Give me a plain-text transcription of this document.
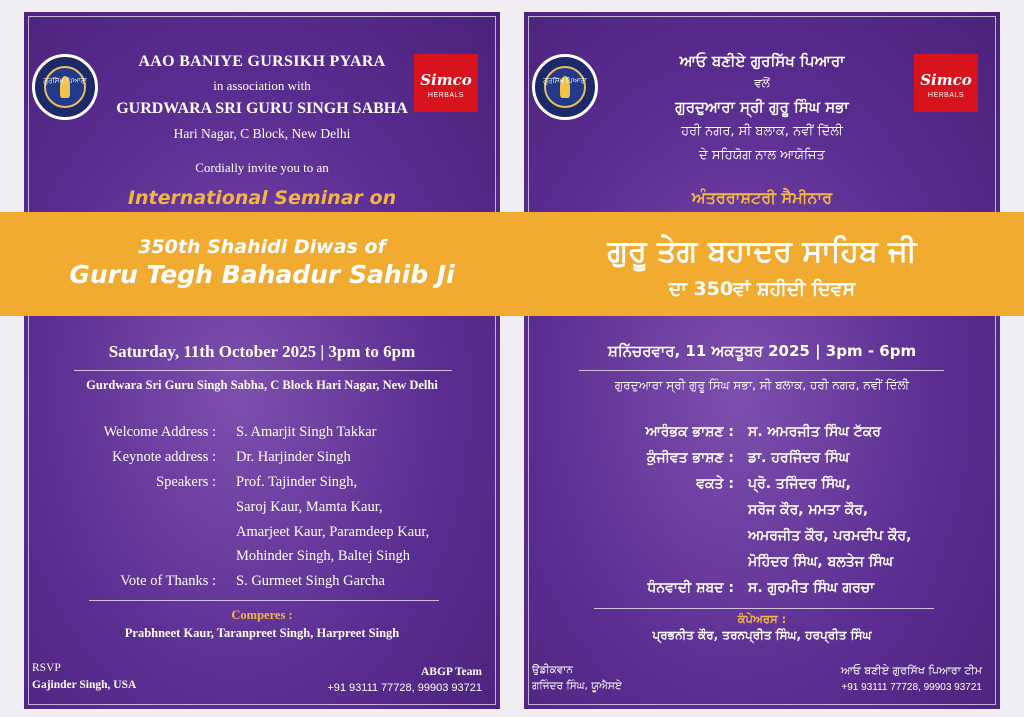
ਗੁਰਸਿੱਖ ਪਿਆਰਾ	Simco
HERBALS
AAO BANIYE GURSIKH PYARA
in association with
GURDWARA SRI GURU SINGH SABHA
Hari Nagar, C Block, New Delhi
Cordially invite you to an
International Seminar on
Saturday, 11th October 2025 | 3pm to 6pm
Gurdwara Sri Guru Singh Sabha, C Block Hari Nagar, New Delhi
Welcome Address : S. Amarjit Singh Takkar
Keynote address : Dr. Harjinder Singh
Speakers : Prof. Tajinder Singh,
Saroj Kaur, Mamta Kaur,
Amarjeet Kaur, Paramdeep Kaur,
Mohinder Singh, Baltej Singh
Vote of Thanks : S. Gurmeet Singh Garcha
Comperes :
Prabhneet Kaur, Taranpreet Singh, Harpreet Singh
RSVP
Gajinder Singh, USA
ABGP Team
+91 93111 77728, 99903 93721
ਗੁਰਸਿੱਖ ਪਿਆਰਾ	Simco
HERBALS
ਆਓ ਬਣੀਏ ਗੁਰਸਿੱਖ ਪਿਆਰਾ
ਵਲੋਂ
ਗੁਰਦੁਆਰਾ ਸ੍ਰੀ ਗੁਰੂ ਸਿੰਘ ਸਭਾ
ਹਰੀ ਨਗਰ, ਸੀ ਬਲਾਕ, ਨਵੀਂ ਦਿੱਲੀ
ਦੇ ਸਹਿਯੋਗ ਨਾਲ ਆਯੋਜਿਤ
ਅੰਤਰਰਾਸ਼ਟਰੀ ਸੈਮੀਨਾਰ
ਸ਼ਨਿੱਚਰਵਾਰ, 11 ਅਕਤੂਬਰ 2025 | 3pm - 6pm
ਗੁਰਦੁਆਰਾ ਸ੍ਰੀ ਗੁਰੂ ਸਿੰਘ ਸਭਾ, ਸੀ ਬਲਾਕ, ਹਰੀ ਨਗਰ, ਨਵੀਂ ਦਿੱਲੀ
ਆਰੰਭਕ ਭਾਸ਼ਣ : ਸ. ਅਮਰਜੀਤ ਸਿੰਘ ਟੱਕਰ
ਕੁੰਜੀਵਤ ਭਾਸ਼ਣ : ਡਾ. ਹਰਜਿੰਦਰ ਸਿੰਘ
ਵਕਤੇ : ਪ੍ਰੋ. ਤਜਿੰਦਰ ਸਿੰਘ,
ਸਰੋਜ ਕੌਰ, ਮਮਤਾ ਕੌਰ,
ਅਮਰਜੀਤ ਕੌਰ, ਪਰਮਦੀਪ ਕੌਰ,
ਮੋਹਿੰਦਰ ਸਿੰਘ, ਬਲਤੇਜ ਸਿੰਘ
ਧੰਨਵਾਦੀ ਸ਼ਬਦ : ਸ. ਗੁਰਮੀਤ ਸਿੰਘ ਗਰਚਾ
ਕੰਪੇਅਰਸ :
ਪ੍ਰਭਨੀਤ ਕੌਰ, ਤਰਨਪ੍ਰੀਤ ਸਿੰਘ, ਹਰਪ੍ਰੀਤ ਸਿੰਘ
ਉਡੀਕਵਾਨ
ਗਜਿੰਦਰ ਸਿੰਘ, ਯੂਐਸਏ
ਆਓ ਬਣੀਏ ਗੁਰਸਿੱਖ ਪਿਆਰਾ ਟੀਮ
+91 93111 77728, 99903 93721
350th Shahidi Diwas of
Guru Tegh Bahadur Sahib Ji
ਗੁਰੂ ਤੇਗ ਬਹਾਦਰ ਸਾਹਿਬ ਜੀ
ਦਾ 350ਵਾਂ ਸ਼ਹੀਦੀ ਦਿਵਸ
